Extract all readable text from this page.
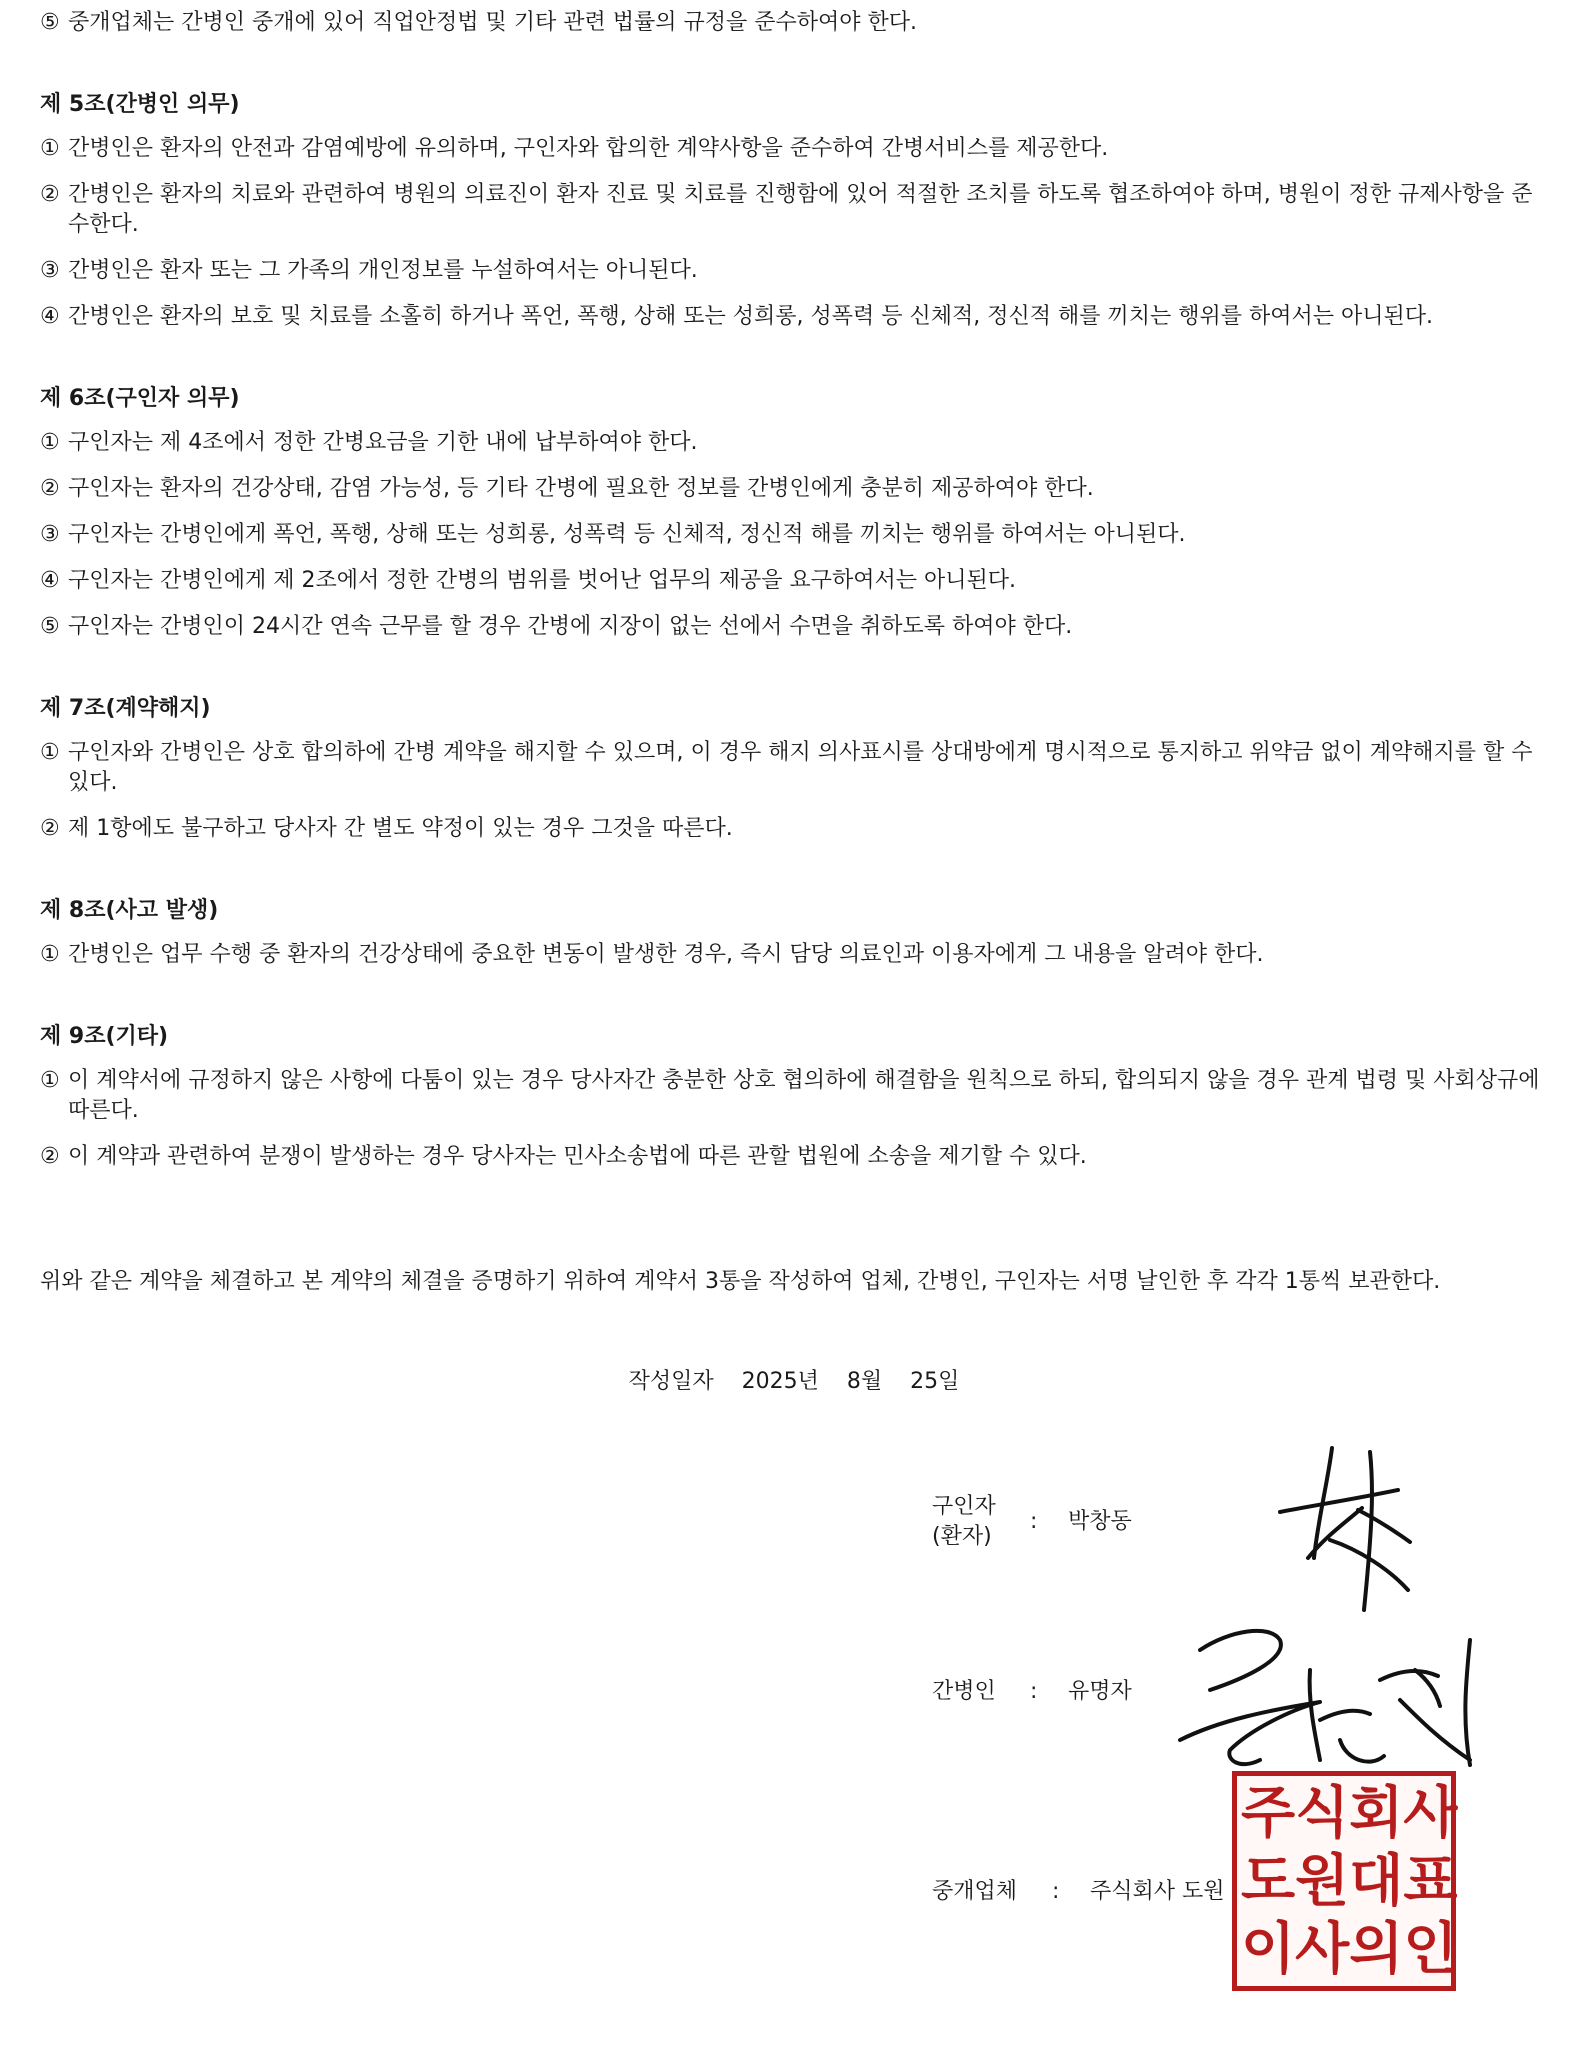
⑤ 중개업체는 간병인 중개에 있어 직업안정법 및 기타 관련 법률의 규정을 준수하여야 한다.

제 5조(간병인 의무)

① 간병인은 환자의 안전과 감염예방에 유의하며, 구인자와 합의한 계약사항을 준수하여 간병서비스를 제공한다.

② 간병인은 환자의 치료와 관련하여 병원의 의료진이 환자 진료 및 치료를 진행함에 있어 적절한 조치를 하도록 협조하여야 하며, 병원이 정한 규제사항을 준수한다.

③ 간병인은 환자 또는 그 가족의 개인정보를 누설하여서는 아니된다.

④ 간병인은 환자의 보호 및 치료를 소홀히 하거나 폭언, 폭행, 상해 또는 성희롱, 성폭력 등 신체적, 정신적 해를 끼치는 행위를 하여서는 아니된다.

제 6조(구인자 의무)

① 구인자는 제 4조에서 정한 간병요금을 기한 내에 납부하여야 한다.

② 구인자는 환자의 건강상태, 감염 가능성, 등 기타 간병에 필요한 정보를 간병인에게 충분히 제공하여야 한다.

③ 구인자는 간병인에게 폭언, 폭행, 상해 또는 성희롱, 성폭력 등 신체적, 정신적 해를 끼치는 행위를 하여서는 아니된다.

④ 구인자는 간병인에게 제 2조에서 정한 간병의 범위를 벗어난 업무의 제공을 요구하여서는 아니된다.

⑤ 구인자는 간병인이 24시간 연속 근무를 할 경우 간병에 지장이 없는 선에서 수면을 취하도록 하여야 한다.

제 7조(계약해지)

① 구인자와 간병인은 상호 합의하에 간병 계약을 해지할 수 있으며, 이 경우 해지 의사표시를 상대방에게 명시적으로 통지하고 위약금 없이 계약해지를 할 수 있다.

② 제 1항에도 불구하고 당사자 간 별도 약정이 있는 경우 그것을 따른다.

제 8조(사고 발생)

① 간병인은 업무 수행 중 환자의 건강상태에 중요한 변동이 발생한 경우, 즉시 담당 의료인과 이용자에게 그 내용을 알려야 한다.

제 9조(기타)

① 이 계약서에 규정하지 않은 사항에 다툼이 있는 경우 당사자간 충분한 상호 협의하에 해결함을 원칙으로 하되, 합의되지 않을 경우 관계 법령 및 사회상규에 따른다.

② 이 계약과 관련하여 분쟁이 발생하는 경우 당사자는 민사소송법에 따른 관할 법원에 소송을 제기할 수 있다.

위와 같은 계약을 체결하고 본 계약의 체결을 증명하기 위하여 계약서 3통을 작성하여 업체, 간병인, 구인자는 서명 날인한 후 각각 1통씩 보관한다.
작성일자 2025년 8월 25일
구인자
(환자)
: 박창동
간병인 : 유명자
중개업체 : 주식회사 도원
주 식 회 사
도 원 대 표
이 사 의 인
